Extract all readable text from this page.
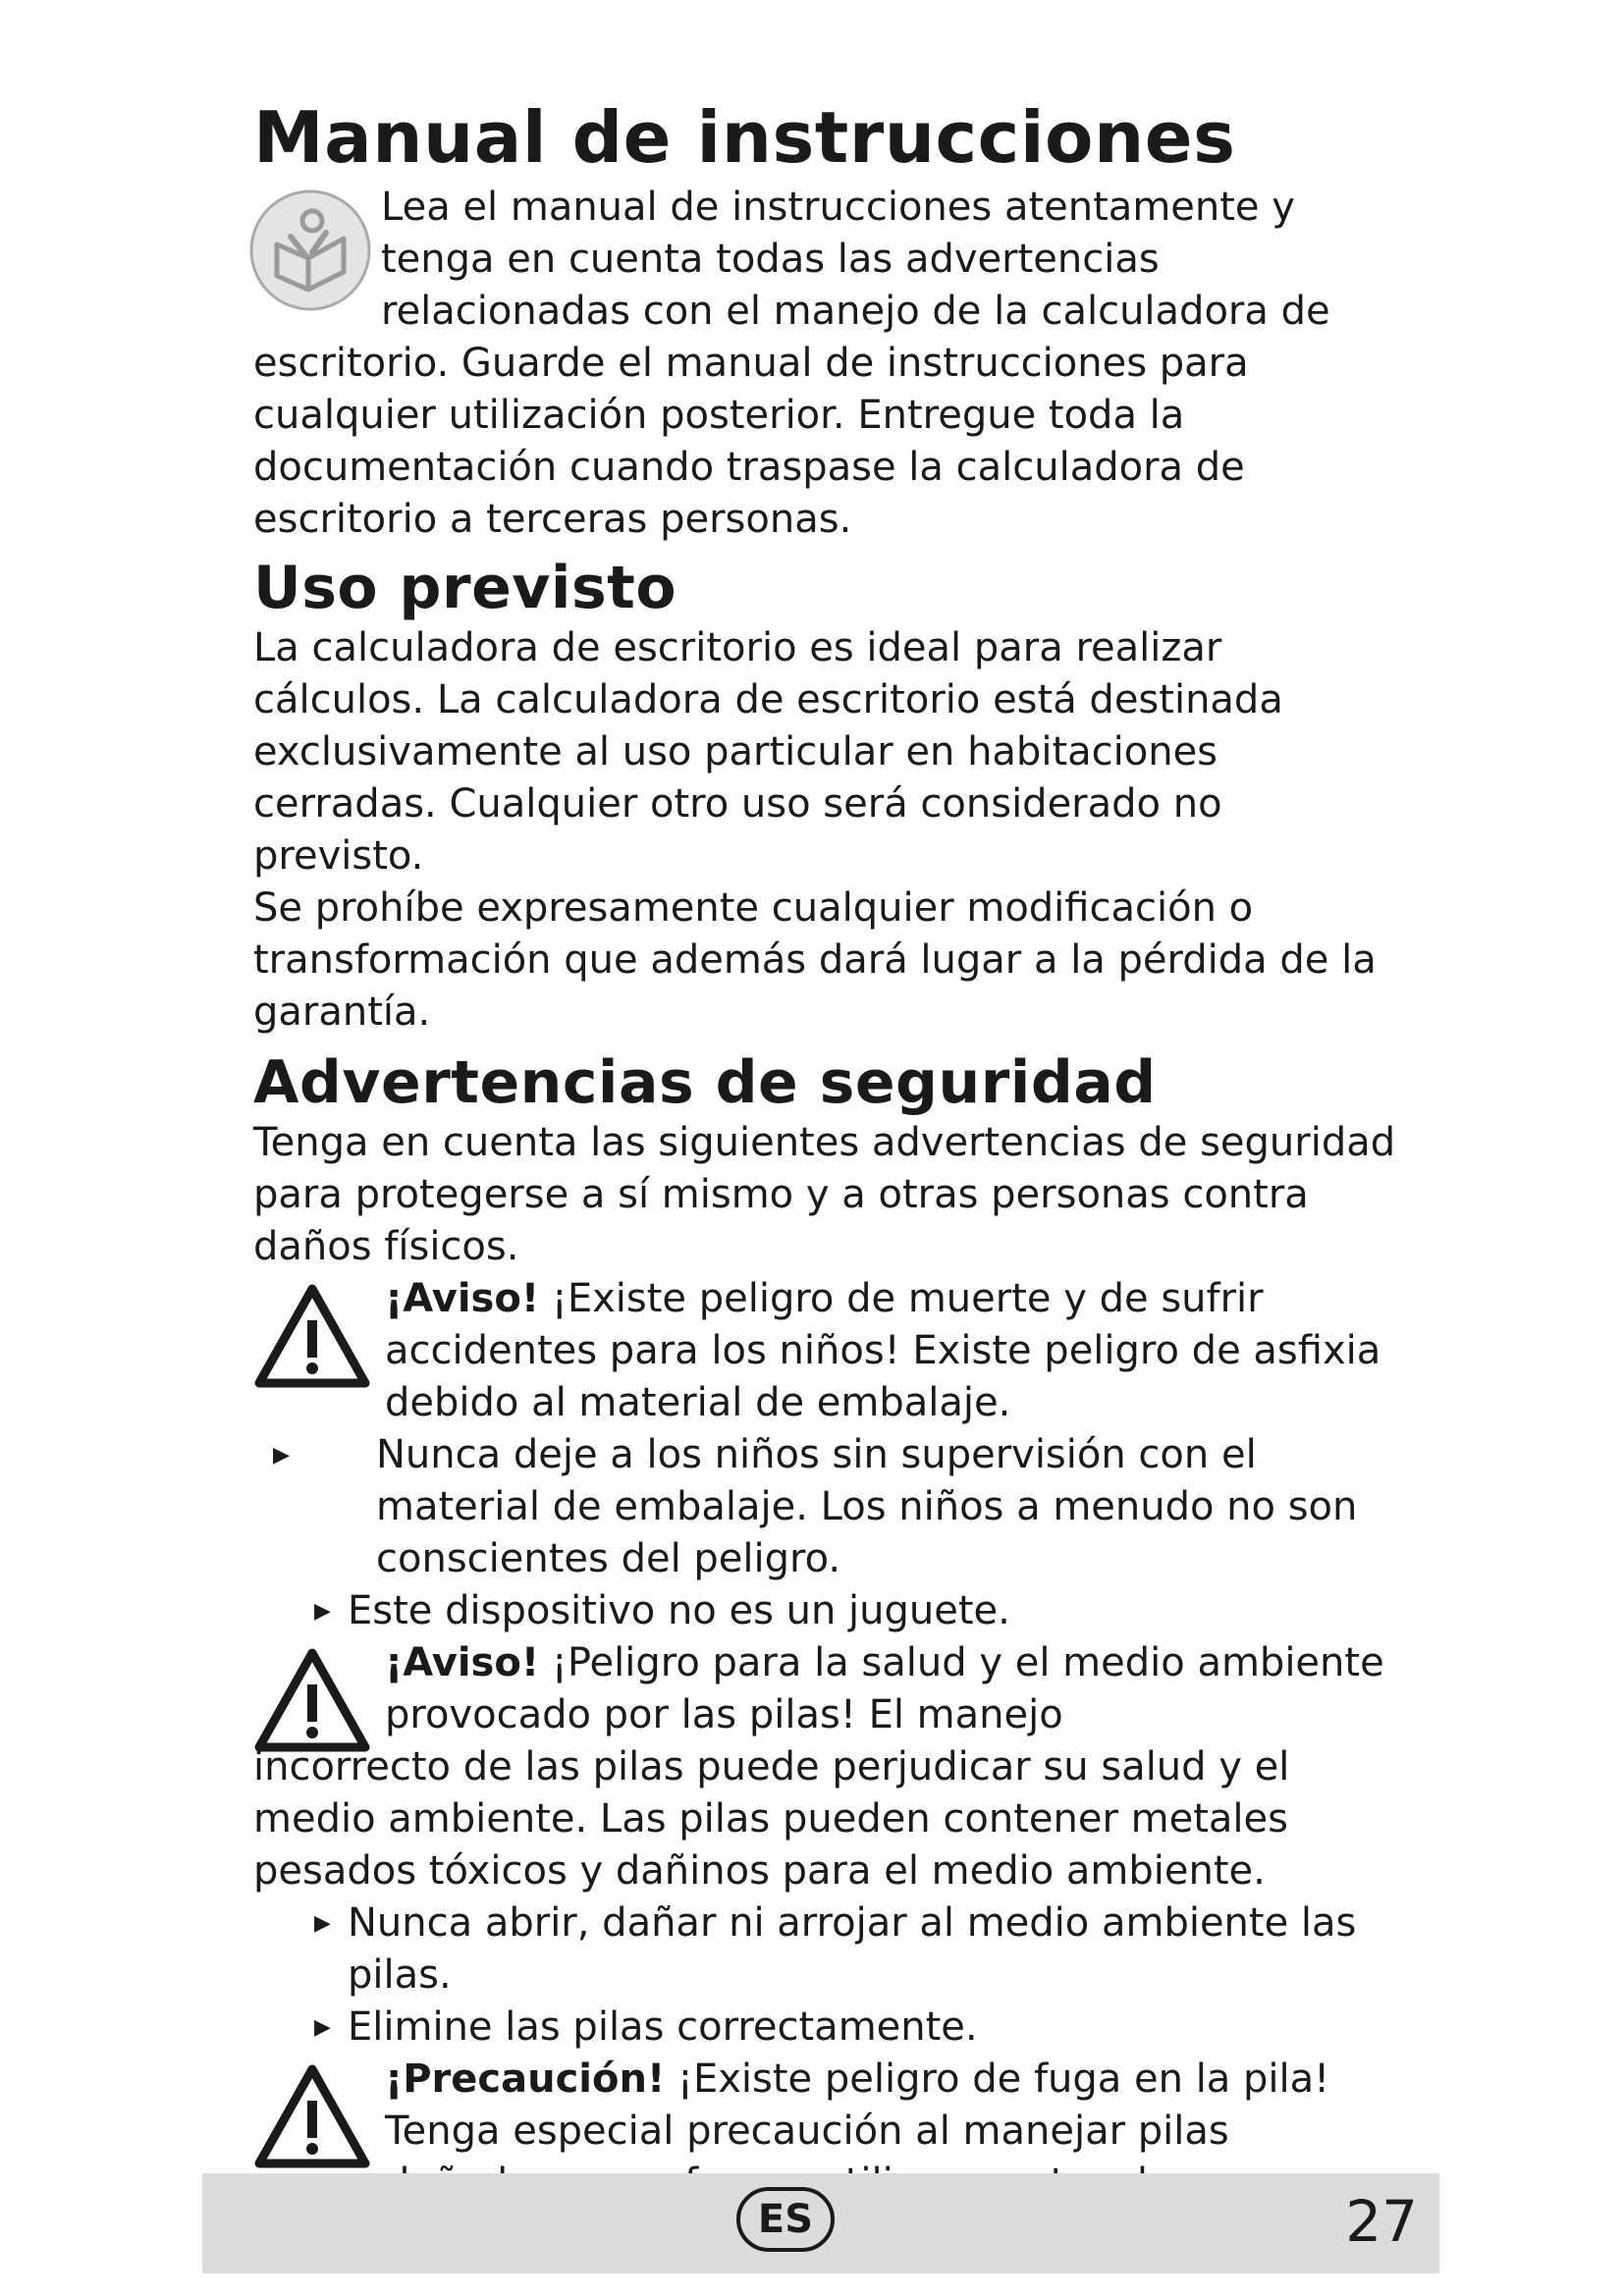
Manual de instrucciones

Lea el manual de instrucciones atentamente y

tenga en cuenta todas las advertencias

relacionadas con el manejo de la calculadora de

escritorio. Guarde el manual de instrucciones para cualquier utilización posterior. Entregue toda la documentación cuando traspase la calculadora de escritorio a terceras personas.

Uso previsto

La calculadora de escritorio es ideal para realizar cálculos. La calculadora de escritorio está destinada exclusivamente al uso particular en habitaciones cerradas. Cualquier otro uso será considerado no previsto.

Se prohíbe expresamente cualquier modificación o transformación que además dará lugar a la pérdida de la garantía.

Advertencias de seguridad

Tenga en cuenta las siguientes advertencias de seguridad para protegerse a sí mismo y a otras personas contra daños físicos.

¡Aviso! ¡Existe peligro de muerte y de sufrir accidentes para los niños! Existe peligro de asfixia debido al material de embalaje.

▶ Nunca deje a los niños sin supervisión con el material de embalaje. Los niños a menudo no son conscientes del peligro.
▶ Este dispositivo no es un juguete.

¡Aviso! ¡Peligro para la salud y el medio ambiente provocado por las pilas! El manejo

incorrecto de las pilas puede perjudicar su salud y el medio ambiente. Las pilas pueden contener metales pesados tóxicos y dañinos para el medio ambiente.

▶ Nunca abrir, dañar ni arrojar al medio ambiente las pilas.
▶ Elimine las pilas correctamente.

¡Precaución! ¡Existe peligro de fuga en la pila!

Tenga especial precaución al manejar pilas
ES	27
